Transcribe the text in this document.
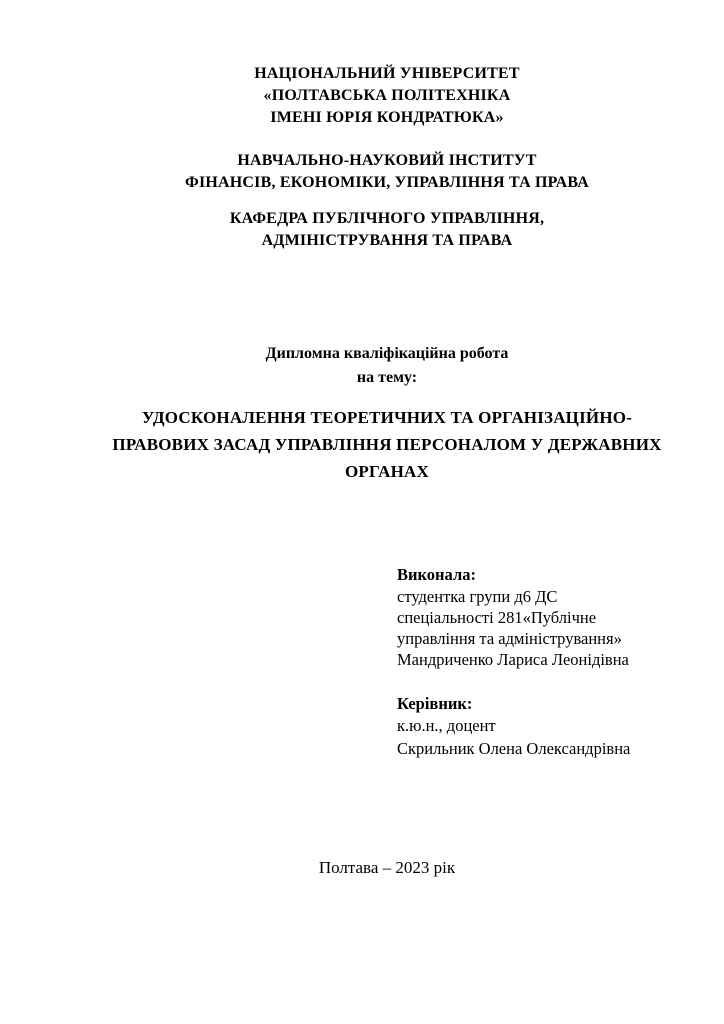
НАЦІОНАЛЬНИЙ УНІВЕРСИТЕТ
«ПОЛТАВСЬКА ПОЛІТЕХНІКА
ІМЕНІ ЮРІЯ КОНДРАТЮКА»
НАВЧАЛЬНО-НАУКОВИЙ ІНСТИТУТ
ФІНАНСІВ, ЕКОНОМІКИ, УПРАВЛІННЯ ТА ПРАВА
КАФЕДРА ПУБЛІЧНОГО УПРАВЛІННЯ,
АДМІНІСТРУВАННЯ ТА ПРАВА
Дипломна кваліфікаційна робота
на тему:
УДОСКОНАЛЕННЯ ТЕОРЕТИЧНИХ ТА ОРГАНІЗАЦІЙНО-
ПРАВОВИХ ЗАСАД УПРАВЛІННЯ ПЕРСОНАЛОМ У ДЕРЖАВНИХ
ОРГАНАХ
Виконала:
студентка групи д6 ДС
спеціальності 281«Публічне
управління та адміністрування»
Мандриченко Лариса Леонідівна
Керівник:
к.ю.н., доцент
Скрильник Олена Олександрівна
Полтава – 2023 рік
